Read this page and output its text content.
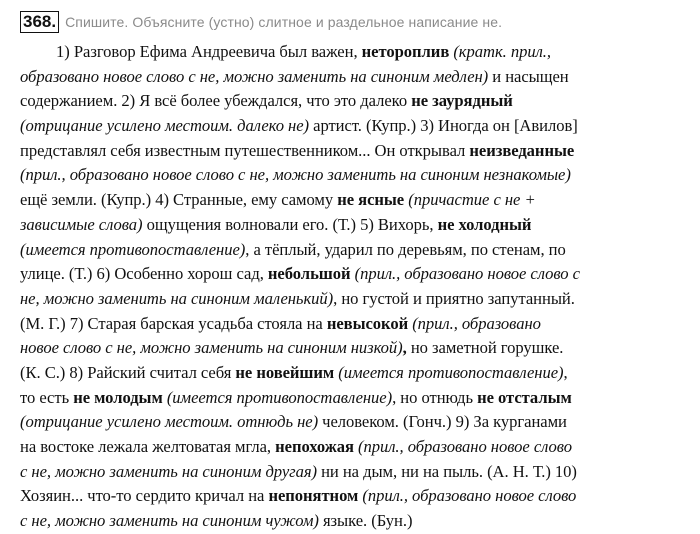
368. Спишите. Объясните (устно) слитное и раздельное написание не.
1) Разговор Ефима Андреевича был важен, нетороплив (кратк. прил.,
образовано новое слово с не, можно заменить на синоним медлен) и насыщен
содержанием. 2) Я всё более убеждался, что это далеко не заурядный
(отрицание усилено местоим. далеко не) артист. (Купр.) 3) Иногда он [Авилов]
представлял себя известным путешественником... Он открывал неизведанные
(прил., образовано новое слово с не, можно заменить на синоним незнакомые)
ещё земли. (Купр.) 4) Странные, ему самому не ясные (причастие с не +
зависимые слова) ощущения волновали его. (Т.) 5) Вихорь, не холодный
(имеется противопоставление), а тёплый, ударил по деревьям, по стенам, по
улице. (Т.) 6) Особенно хорош сад, небольшой (прил., образовано новое слово с
не, можно заменить на синоним маленький), но густой и приятно запутанный.
(М. Г.) 7) Старая барская усадьба стояла на невысокой (прил., образовано
новое слово с не, можно заменить на синоним низкой), но заметной горушке.
(К. С.) 8) Райский считал себя не новейшим (имеется противопоставление),
то есть не молодым (имеется противопоставление), но отнюдь не отсталым
(отрицание усилено местоим. отнюдь не) человеком. (Гонч.) 9) За курганами
на востоке лежала желтоватая мгла, непохожая (прил., образовано новое слово
с не, можно заменить на синоним другая) ни на дым, ни на пыль. (А. Н. Т.) 10)
Хозяин... что-то сердито кричал на непонятном (прил., образовано новое слово
с не, можно заменить на синоним чужом) языке. (Бун.)
